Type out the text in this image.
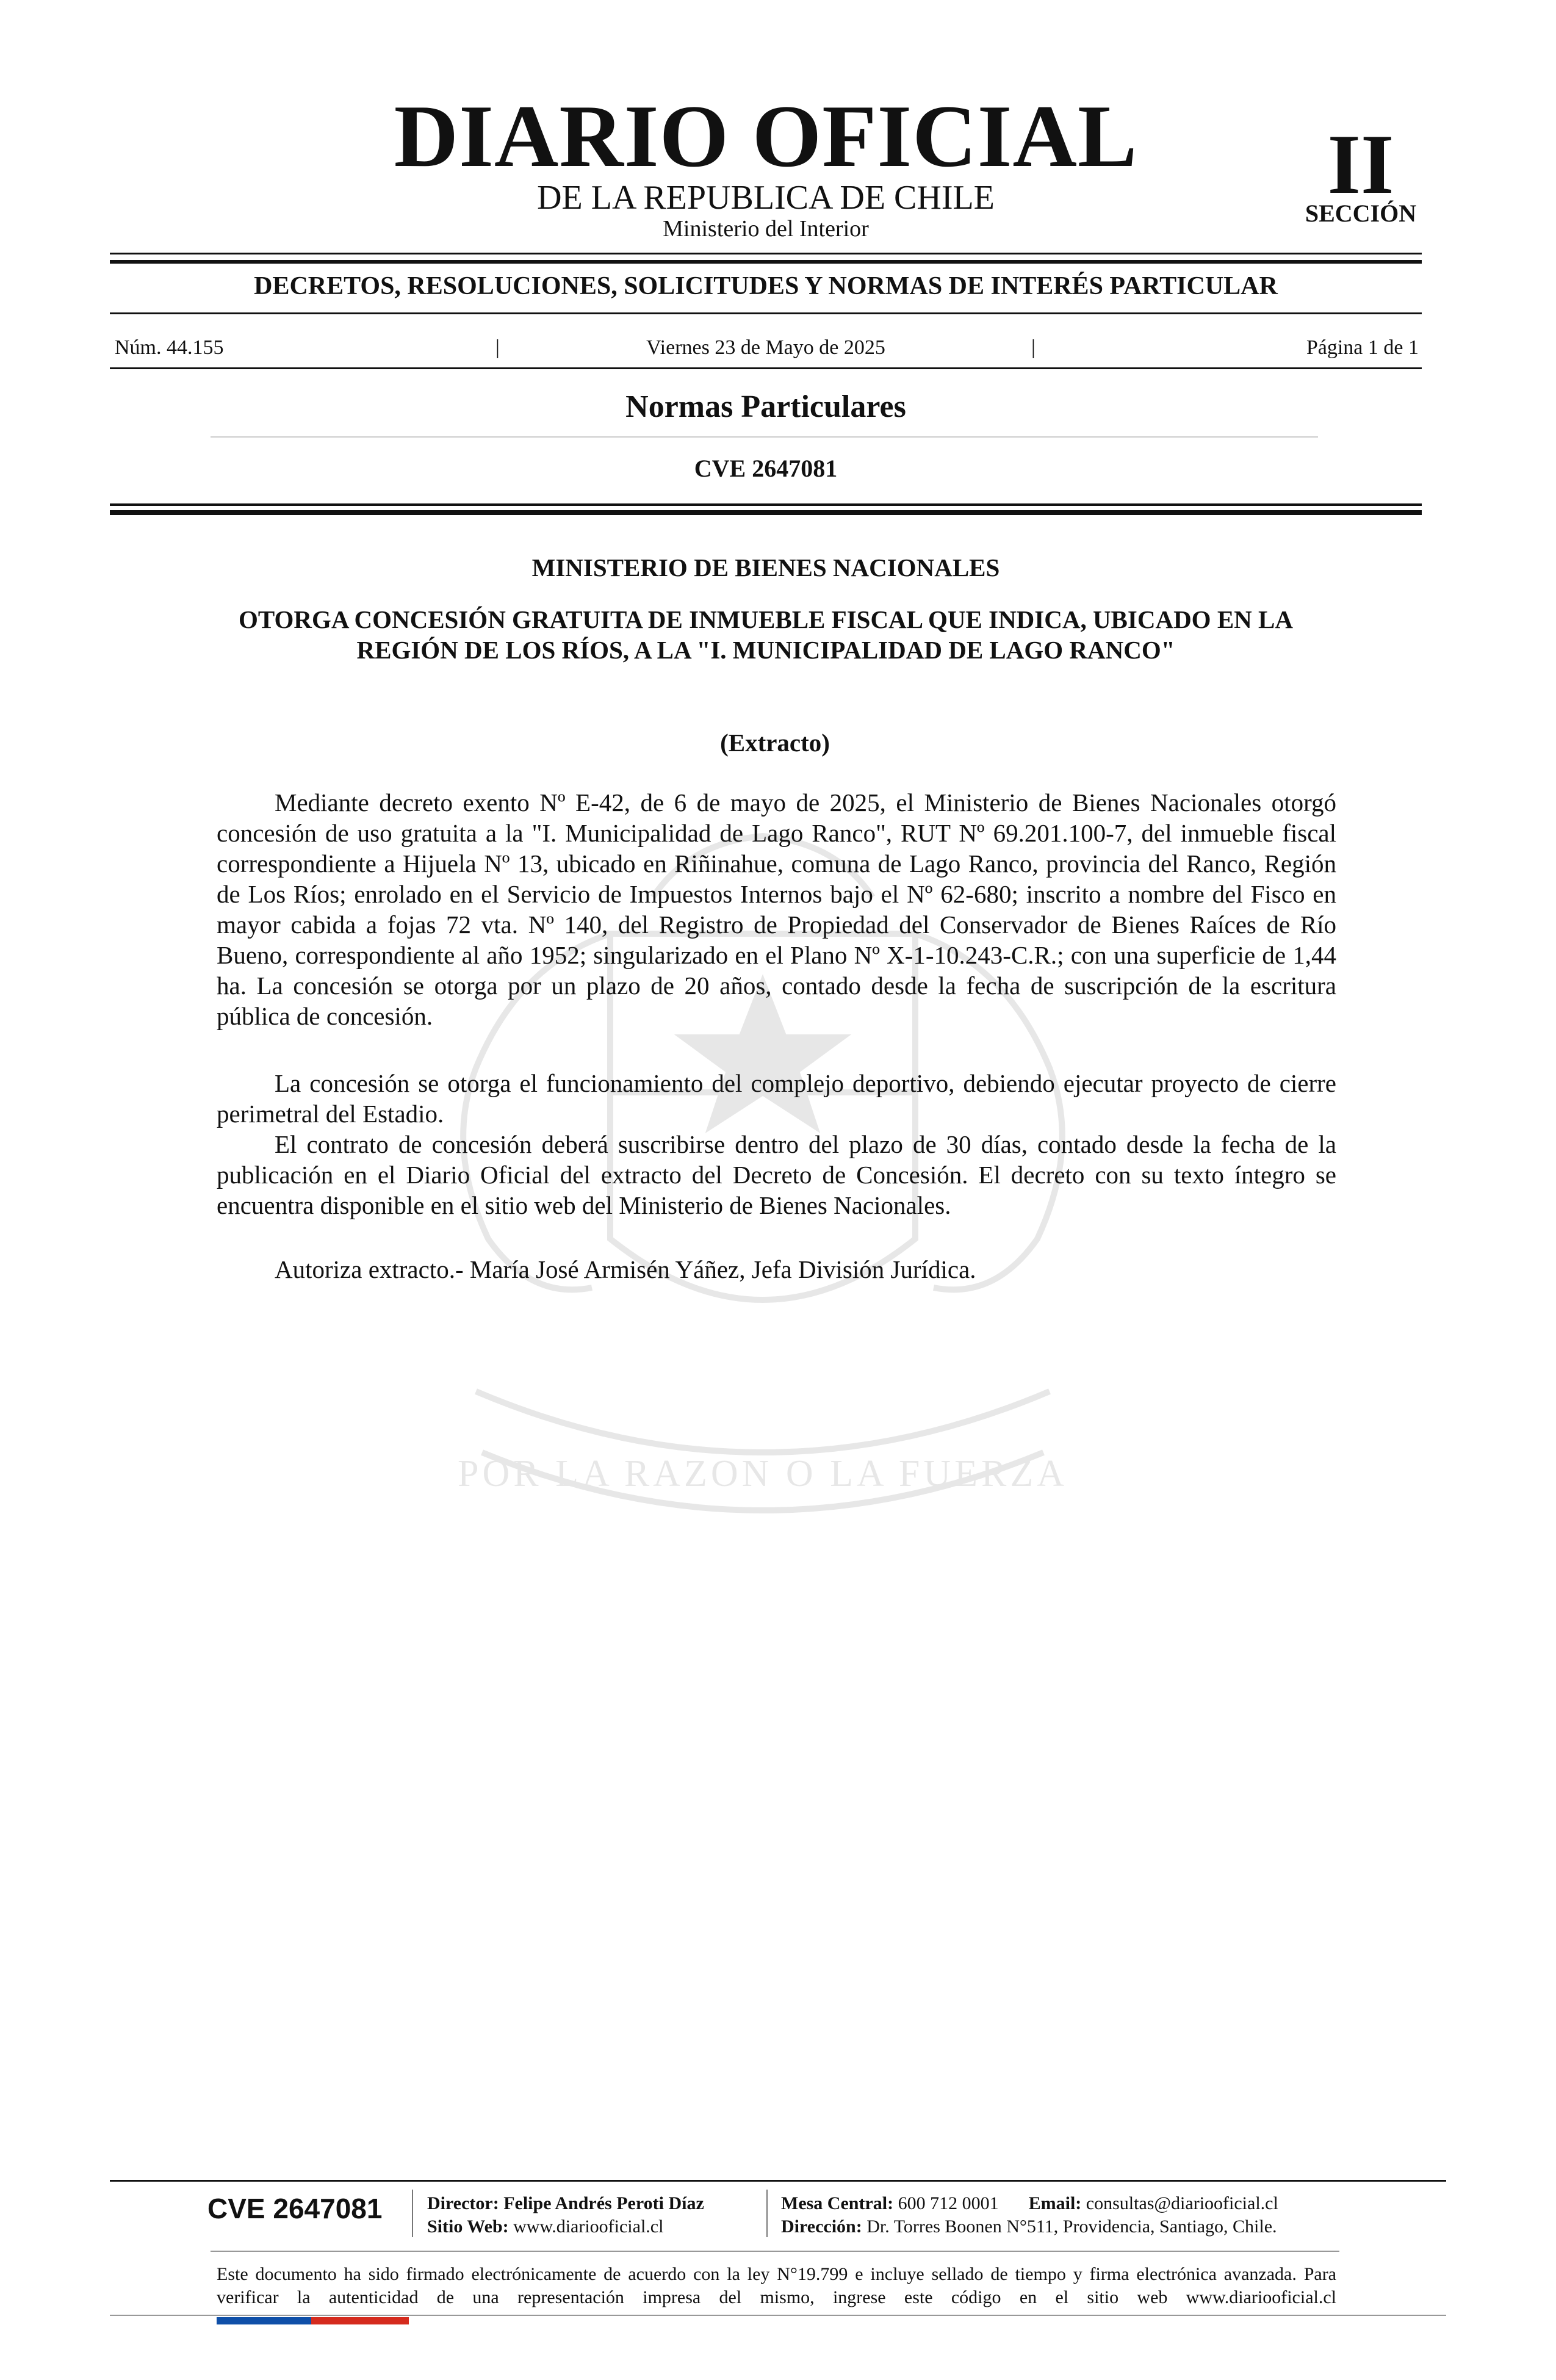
POR LA RAZON O LA FUERZA
DIARIO OFICIAL
DE LA REPUBLICA DE CHILE
Ministerio del Interior
II
SECCIÓN
DECRETOS, RESOLUCIONES, SOLICITUDES Y NORMAS DE INTERÉS PARTICULAR
Núm. 44.155	|	Viernes 23 de Mayo de 2025	|	Página 1 de 1
Normas Particulares
CVE 2647081
MINISTERIO DE BIENES NACIONALES
OTORGA CONCESIÓN GRATUITA DE INMUEBLE FISCAL QUE INDICA, UBICADO EN LA REGIÓN DE LOS RÍOS, A LA "I. MUNICIPALIDAD DE LAGO RANCO"
(Extracto)

Mediante decreto exento Nº E-42, de 6 de mayo de 2025, el Ministerio de Bienes Nacionales otorgó concesión de uso gratuita a la "I. Municipalidad de Lago Ranco", RUT Nº 69.201.100-7, del inmueble fiscal correspondiente a Hijuela Nº 13, ubicado en Riñinahue, comuna de Lago Ranco, provincia del Ranco, Región de Los Ríos; enrolado en el Servicio de Impuestos Internos bajo el Nº 62-680; inscrito a nombre del Fisco en mayor cabida a fojas 72 vta. Nº 140, del Registro de Propiedad del Conservador de Bienes Raíces de Río Bueno, correspondiente al año 1952; singularizado en el Plano Nº X-1-10.243-C.R.; con una superficie de 1,44 ha. La concesión se otorga por un plazo de 20 años, contado desde la fecha de suscripción de la escritura pública de concesión.

La concesión se otorga el funcionamiento del complejo deportivo, debiendo ejecutar proyecto de cierre perimetral del Estadio.

El contrato de concesión deberá suscribirse dentro del plazo de 30 días, contado desde la fecha de la publicación en el Diario Oficial del extracto del Decreto de Concesión. El decreto con su texto íntegro se encuentra disponible en el sitio web del Ministerio de Bienes Nacionales.

Autoriza extracto.- María José Armisén Yáñez, Jefa División Jurídica.
CVE 2647081 Director: Felipe Andrés Peroti Díaz
Sitio Web: www.diariooficial.cl
Mesa Central: 600 712 0001 Email: consultas@diariooficial.cl
Dirección: Dr. Torres Boonen N°511, Providencia, Santiago, Chile.
Este documento ha sido firmado electrónicamente de acuerdo con la ley N°19.799 e incluye sellado de tiempo y firma electrónica avanzada. Para verificar la autenticidad de una representación impresa del mismo, ingrese este código en el sitio web www.diariooficial.cl
